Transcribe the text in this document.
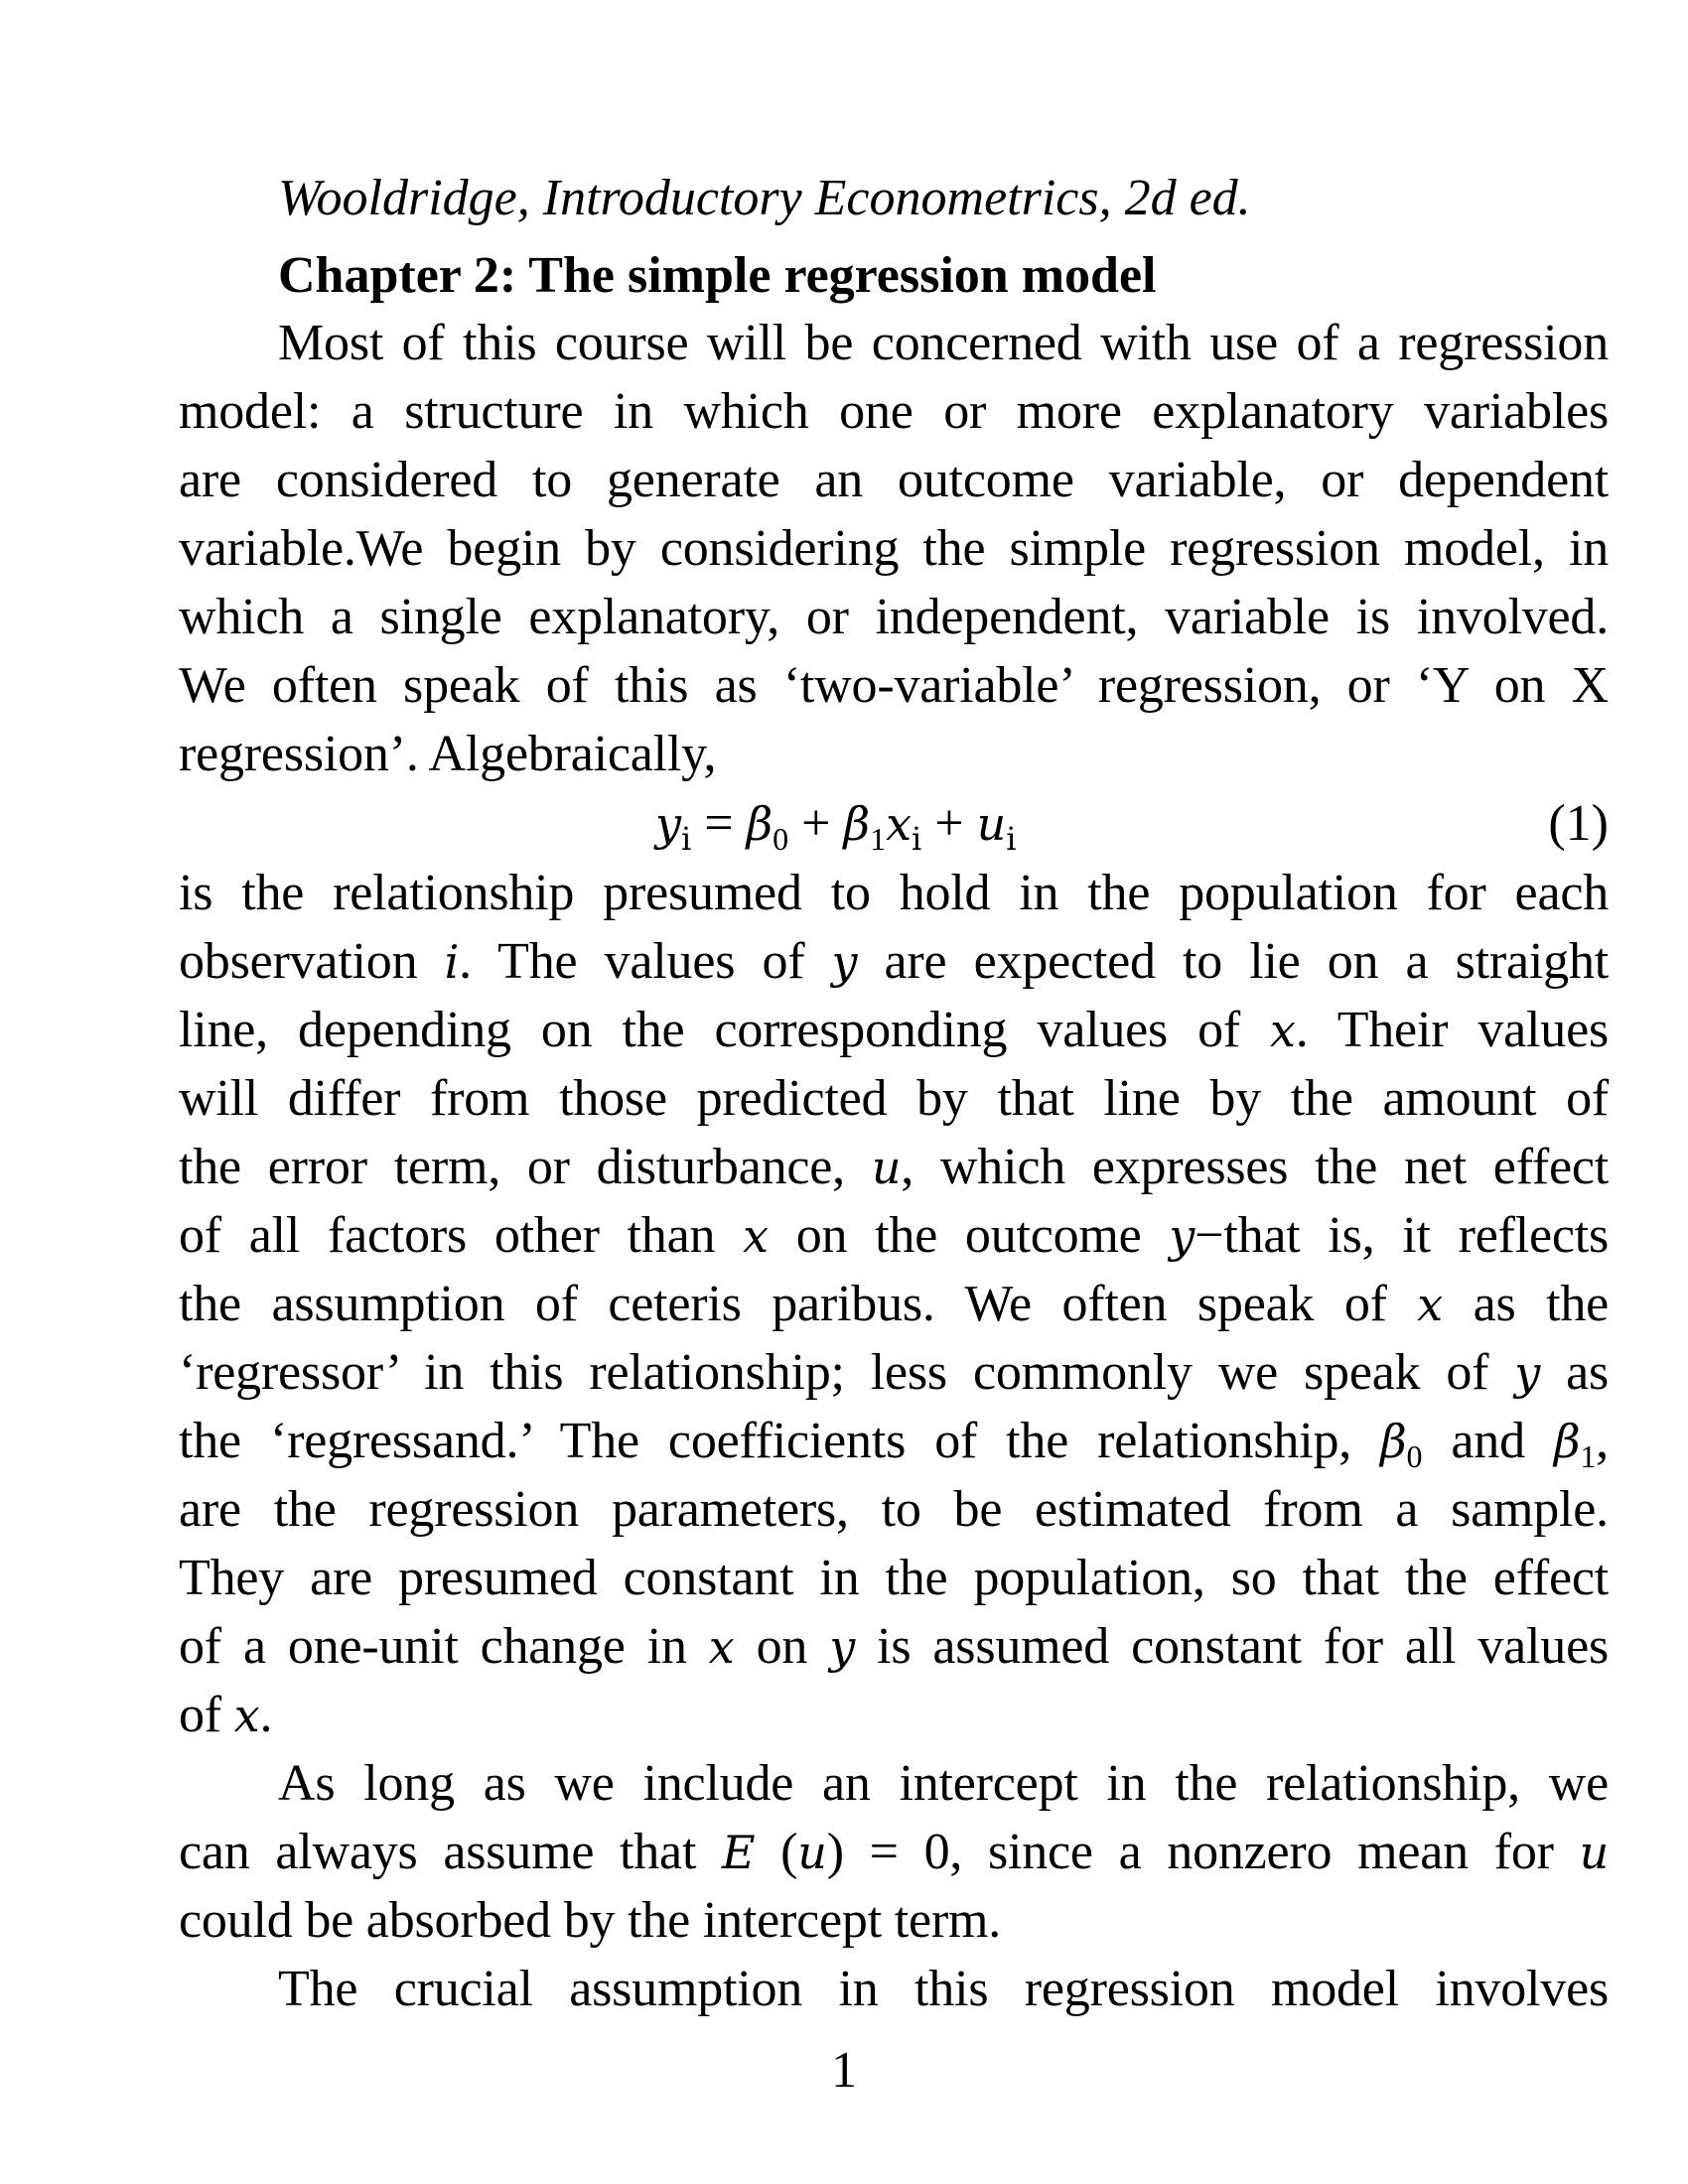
Wooldridge, Introductory Econometrics, 2d ed.
Chapter 2: The simple regression model
Most of this course will be concerned with use of a regression
model: a structure in which one or more explanatory variables
are considered to generate an outcome variable, or dependent
variable.We begin by considering the simple regression model, in
which a single explanatory, or independent, variable is involved.
We often speak of this as ‘two-variable’ regression, or ‘Y on X
regression’. Algebraically,
$y_i = \beta_0 + \beta_1x_i + u_i$	(1)
is the relationship presumed to hold in the population for each
observation i. The values of y are expected to lie on a straight
line, depending on the corresponding values of x. Their values
will differ from those predicted by that line by the amount of
the error term, or disturbance, u, which expresses the net effect
of all factors other than x on the outcome y−that is, it reflects
the assumption of ceteris paribus. We often speak of x as the
‘regressor’ in this relationship; less commonly we speak of y as
the ‘regressand.’ The coefficients of the relationship, $\beta_0$ and $\beta_1$,
are the regression parameters, to be estimated from a sample.
They are presumed constant in the population, so that the effect
of a one-unit change in x on y is assumed constant for all values
of x.
As long as we include an intercept in the relationship, we
can always assume that E (u) = 0, since a nonzero mean for u
could be absorbed by the intercept term.
The crucial assumption in this regression model involves
1
